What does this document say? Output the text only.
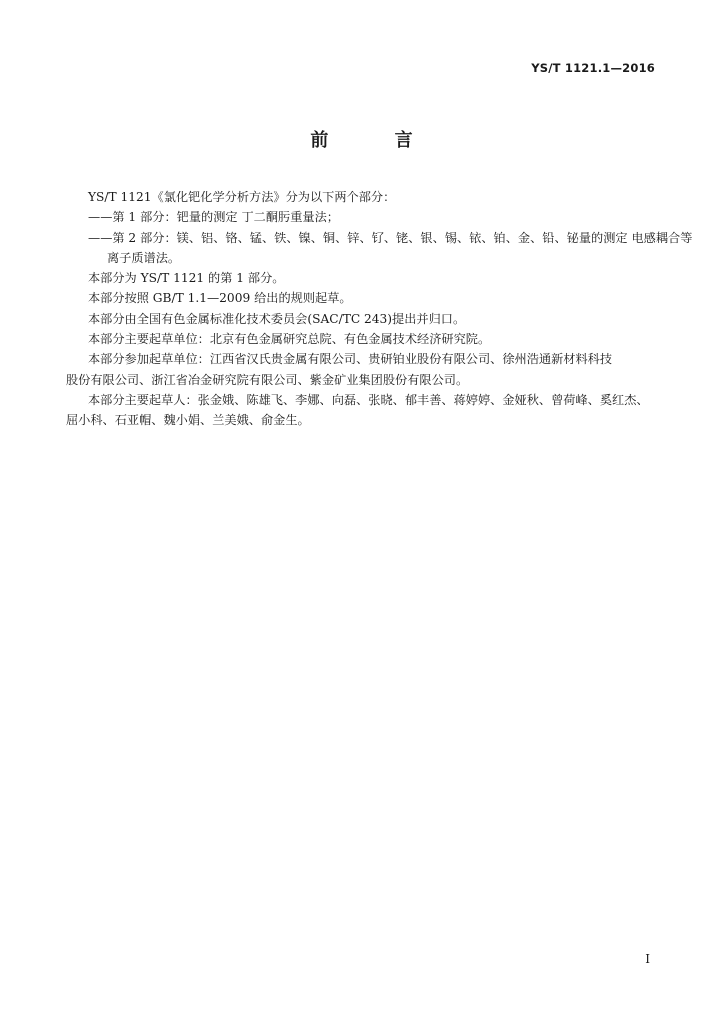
YS/T 1121.1—2016
前 言

YS/T 1121《氯化钯化学分析方法》分为以下两个部分：

——第 1 部分：钯量的测定 丁二酮肟重量法；

——第 2 部分：镁、铝、铬、锰、铁、镍、铜、锌、钌、铑、银、锡、铱、铂、金、铅、铋量的测定 电感耦合等

离子质谱法。

本部分为 YS/T 1121 的第 1 部分。

本部分按照 GB/T 1.1—2009 给出的规则起草。

本部分由全国有色金属标准化技术委员会(SAC/TC 243)提出并归口。

本部分主要起草单位：北京有色金属研究总院、有色金属技术经济研究院。

本部分参加起草单位：江西省汉氏贵金属有限公司、贵研铂业股份有限公司、徐州浩通新材料科技

股份有限公司、浙江省冶金研究院有限公司、紫金矿业集团股份有限公司。

本部分主要起草人：张金娥、陈雄飞、李娜、向磊、张晓、郁丰善、蒋婷婷、金娅秋、曾荷峰、奚红杰、

屈小科、石亚帽、魏小娟、兰美娥、俞金生。

I
